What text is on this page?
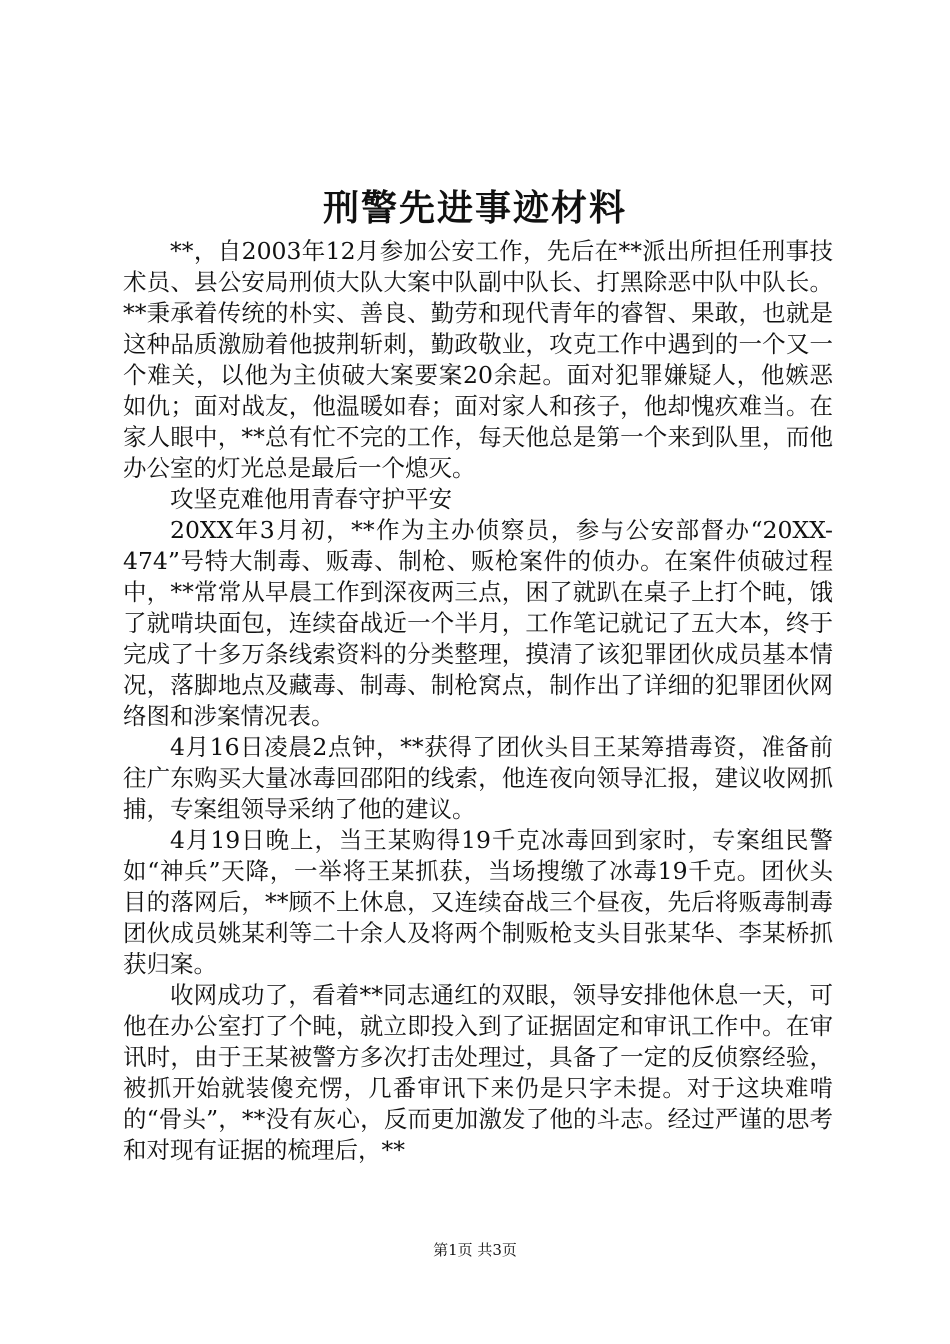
刑警先进事迹材料

**，自2003年12月参加公安工作，先后在**派出所担任刑事技术员、县公安局刑侦大队大案中队副中队长、打黑除恶中队中队长。**秉承着传统的朴实、善良、勤劳和现代青年的睿智、果敢，也就是这种品质激励着他披荆斩刺，勤政敬业，攻克工作中遇到的一个又一个难关，以他为主侦破大案要案20余起。面对犯罪嫌疑人，他嫉恶如仇；面对战友，他温暖如春；面对家人和孩子，他却愧疚难当。在家人眼中，**总有忙不完的工作，每天他总是第一个来到队里，而他办公室的灯光总是最后一个熄灭。

攻坚克难他用青春守护平安

20XX年3月初，**作为主办侦察员，参与公安部督办“20XX-474”号特大制毒、贩毒、制枪、贩枪案件的侦办。在案件侦破过程中，**常常从早晨工作到深夜两三点，困了就趴在桌子上打个盹，饿了就啃块面包，连续奋战近一个半月，工作笔记就记了五大本，终于完成了十多万条线索资料的分类整理，摸清了该犯罪团伙成员基本情况，落脚地点及藏毒、制毒、制枪窝点，制作出了详细的犯罪团伙网络图和涉案情况表。

4月16日凌晨2点钟，**获得了团伙头目王某筹措毒资，准备前往广东购买大量冰毒回邵阳的线索，他连夜向领导汇报，建议收网抓捕，专案组领导采纳了他的建议。

4月19日晚上，当王某购得19千克冰毒回到家时，专案组民警如“神兵”天降，一举将王某抓获，当场搜缴了冰毒19千克。团伙头目的落网后，**顾不上休息，又连续奋战三个昼夜，先后将贩毒制毒团伙成员姚某利等二十余人及将两个制贩枪支头目张某华、李某桥抓获归案。

收网成功了，看着**同志通红的双眼，领导安排他休息一天，可他在办公室打了个盹，就立即投入到了证据固定和审讯工作中。在审讯时，由于王某被警方多次打击处理过，具备了一定的反侦察经验，被抓开始就装傻充愣，几番审讯下来仍是只字未提。对于这块难啃的“骨头”，**没有灰心，反而更加激发了他的斗志。经过严谨的思考和对现有证据的梳理后，**

第1页 共3页
